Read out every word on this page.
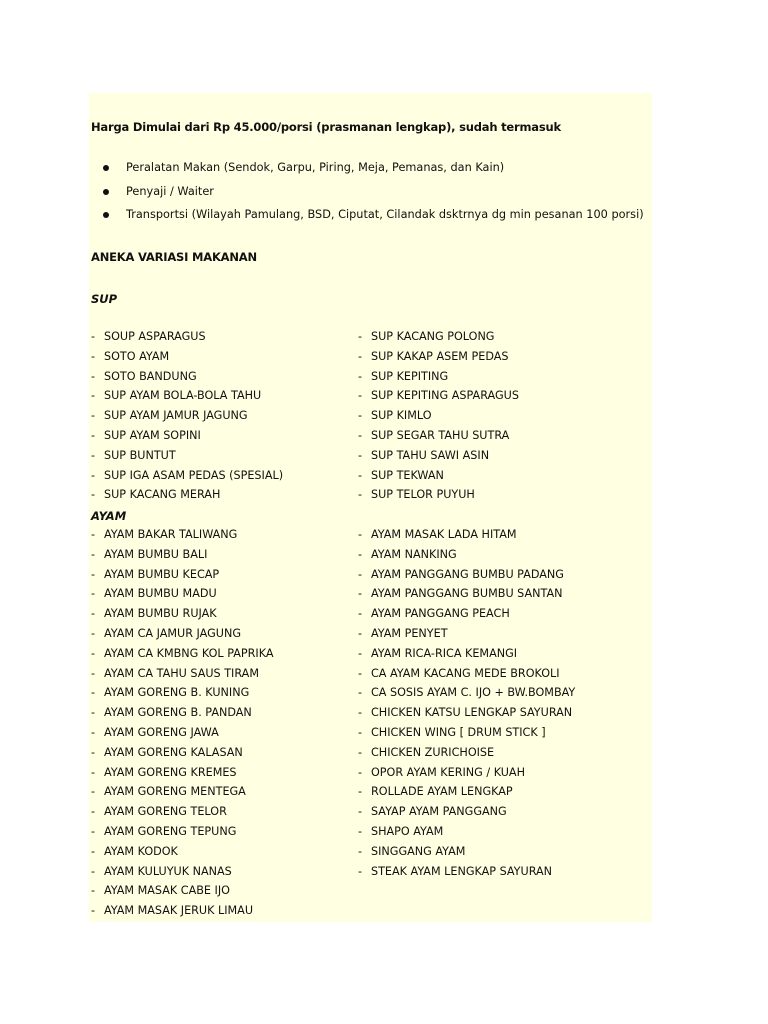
Harga Dimulai dari Rp 45.000/porsi (prasmanan lengkap), sudah termasuk
Peralatan Makan (Sendok, Garpu, Piring, Meja, Pemanas, dan Kain)
Penyaji / Waiter
Transportsi (Wilayah Pamulang, BSD, Ciputat, Cilandak dsktrnya dg min pesanan 100 porsi)
ANEKA VARIASI MAKANAN
SUP
- SOUP ASPARAGUS
- SOTO AYAM
- SOTO BANDUNG
- SUP AYAM BOLA-BOLA TAHU
- SUP AYAM JAMUR JAGUNG
- SUP AYAM SOPINI
- SUP BUNTUT
- SUP IGA ASAM PEDAS (SPESIAL)
- SUP KACANG MERAH
- SUP KACANG POLONG
- SUP KAKAP ASEM PEDAS
- SUP KEPITING
- SUP KEPITING ASPARAGUS
- SUP KIMLO
- SUP SEGAR TAHU SUTRA
- SUP TAHU SAWI ASIN
- SUP TEKWAN
- SUP TELOR PUYUH
AYAM
- AYAM BAKAR TALIWANG
- AYAM BUMBU BALI
- AYAM BUMBU KECAP
- AYAM BUMBU MADU
- AYAM BUMBU RUJAK
- AYAM CA JAMUR JAGUNG
- AYAM CA KMBNG KOL PAPRIKA
- AYAM CA TAHU SAUS TIRAM
- AYAM GORENG B. KUNING
- AYAM GORENG B. PANDAN
- AYAM GORENG JAWA
- AYAM GORENG KALASAN
- AYAM GORENG KREMES
- AYAM GORENG MENTEGA
- AYAM GORENG TELOR
- AYAM GORENG TEPUNG
- AYAM KODOK
- AYAM KULUYUK NANAS
- AYAM MASAK CABE IJO
- AYAM MASAK JERUK LIMAU
- AYAM MASAK LADA HITAM
- AYAM NANKING
- AYAM PANGGANG BUMBU PADANG
- AYAM PANGGANG BUMBU SANTAN
- AYAM PANGGANG PEACH
- AYAM PENYET
- AYAM RICA-RICA KEMANGI
- CA AYAM KACANG MEDE BROKOLI
- CA SOSIS AYAM C. IJO + BW.BOMBAY
- CHICKEN KATSU LENGKAP SAYURAN
- CHICKEN WING [ DRUM STICK ]
- CHICKEN ZURICHOISE
- OPOR AYAM KERING / KUAH
- ROLLADE AYAM LENGKAP
- SAYAP AYAM PANGGANG
- SHAPO AYAM
- SINGGANG AYAM
- STEAK AYAM LENGKAP SAYURAN
